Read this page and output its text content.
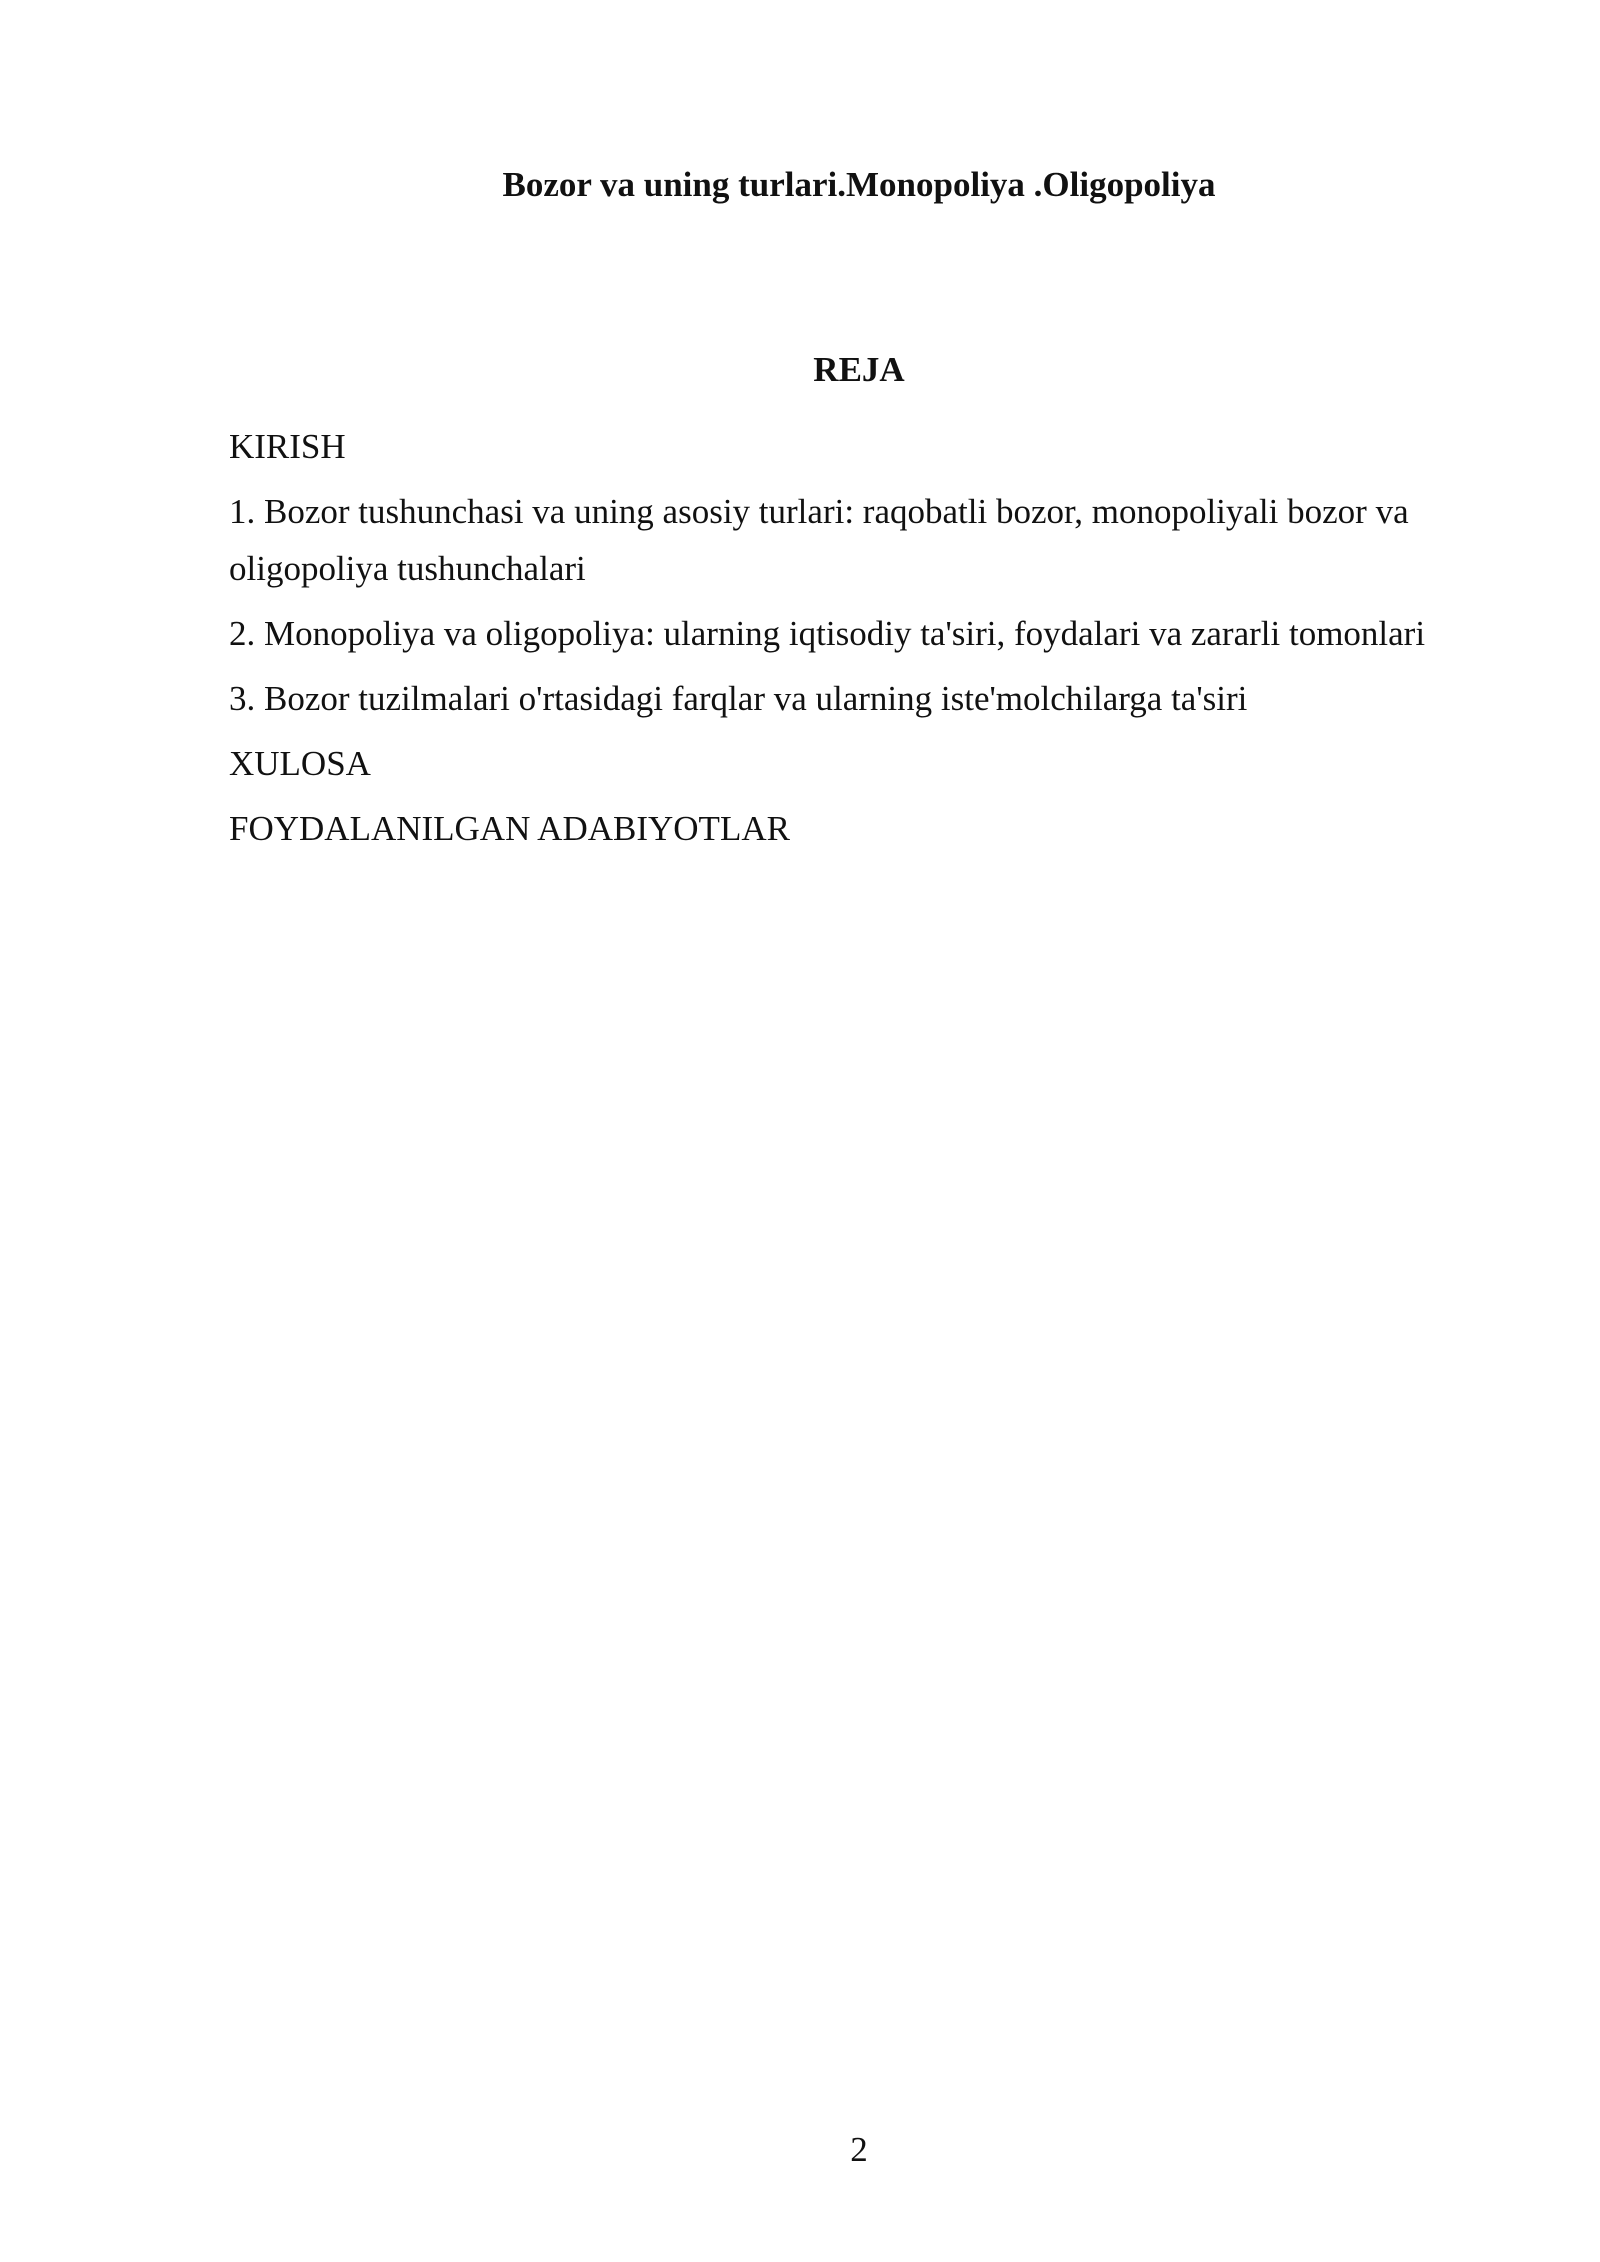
Bozor va uning turlari.Monopoliya .Oligopoliya
REJA
KIRISH
1. Bozor tushunchasi va uning asosiy turlari: raqobatli bozor, monopoliyali bozor va oligopoliya tushunchalari
2. Monopoliya va oligopoliya: ularning iqtisodiy ta'siri, foydalari va zararli tomonlari
3. Bozor tuzilmalari o'rtasidagi farqlar va ularning iste'molchilarga ta'siri
XULOSA
FOYDALANILGAN ADABIYOTLAR
2
